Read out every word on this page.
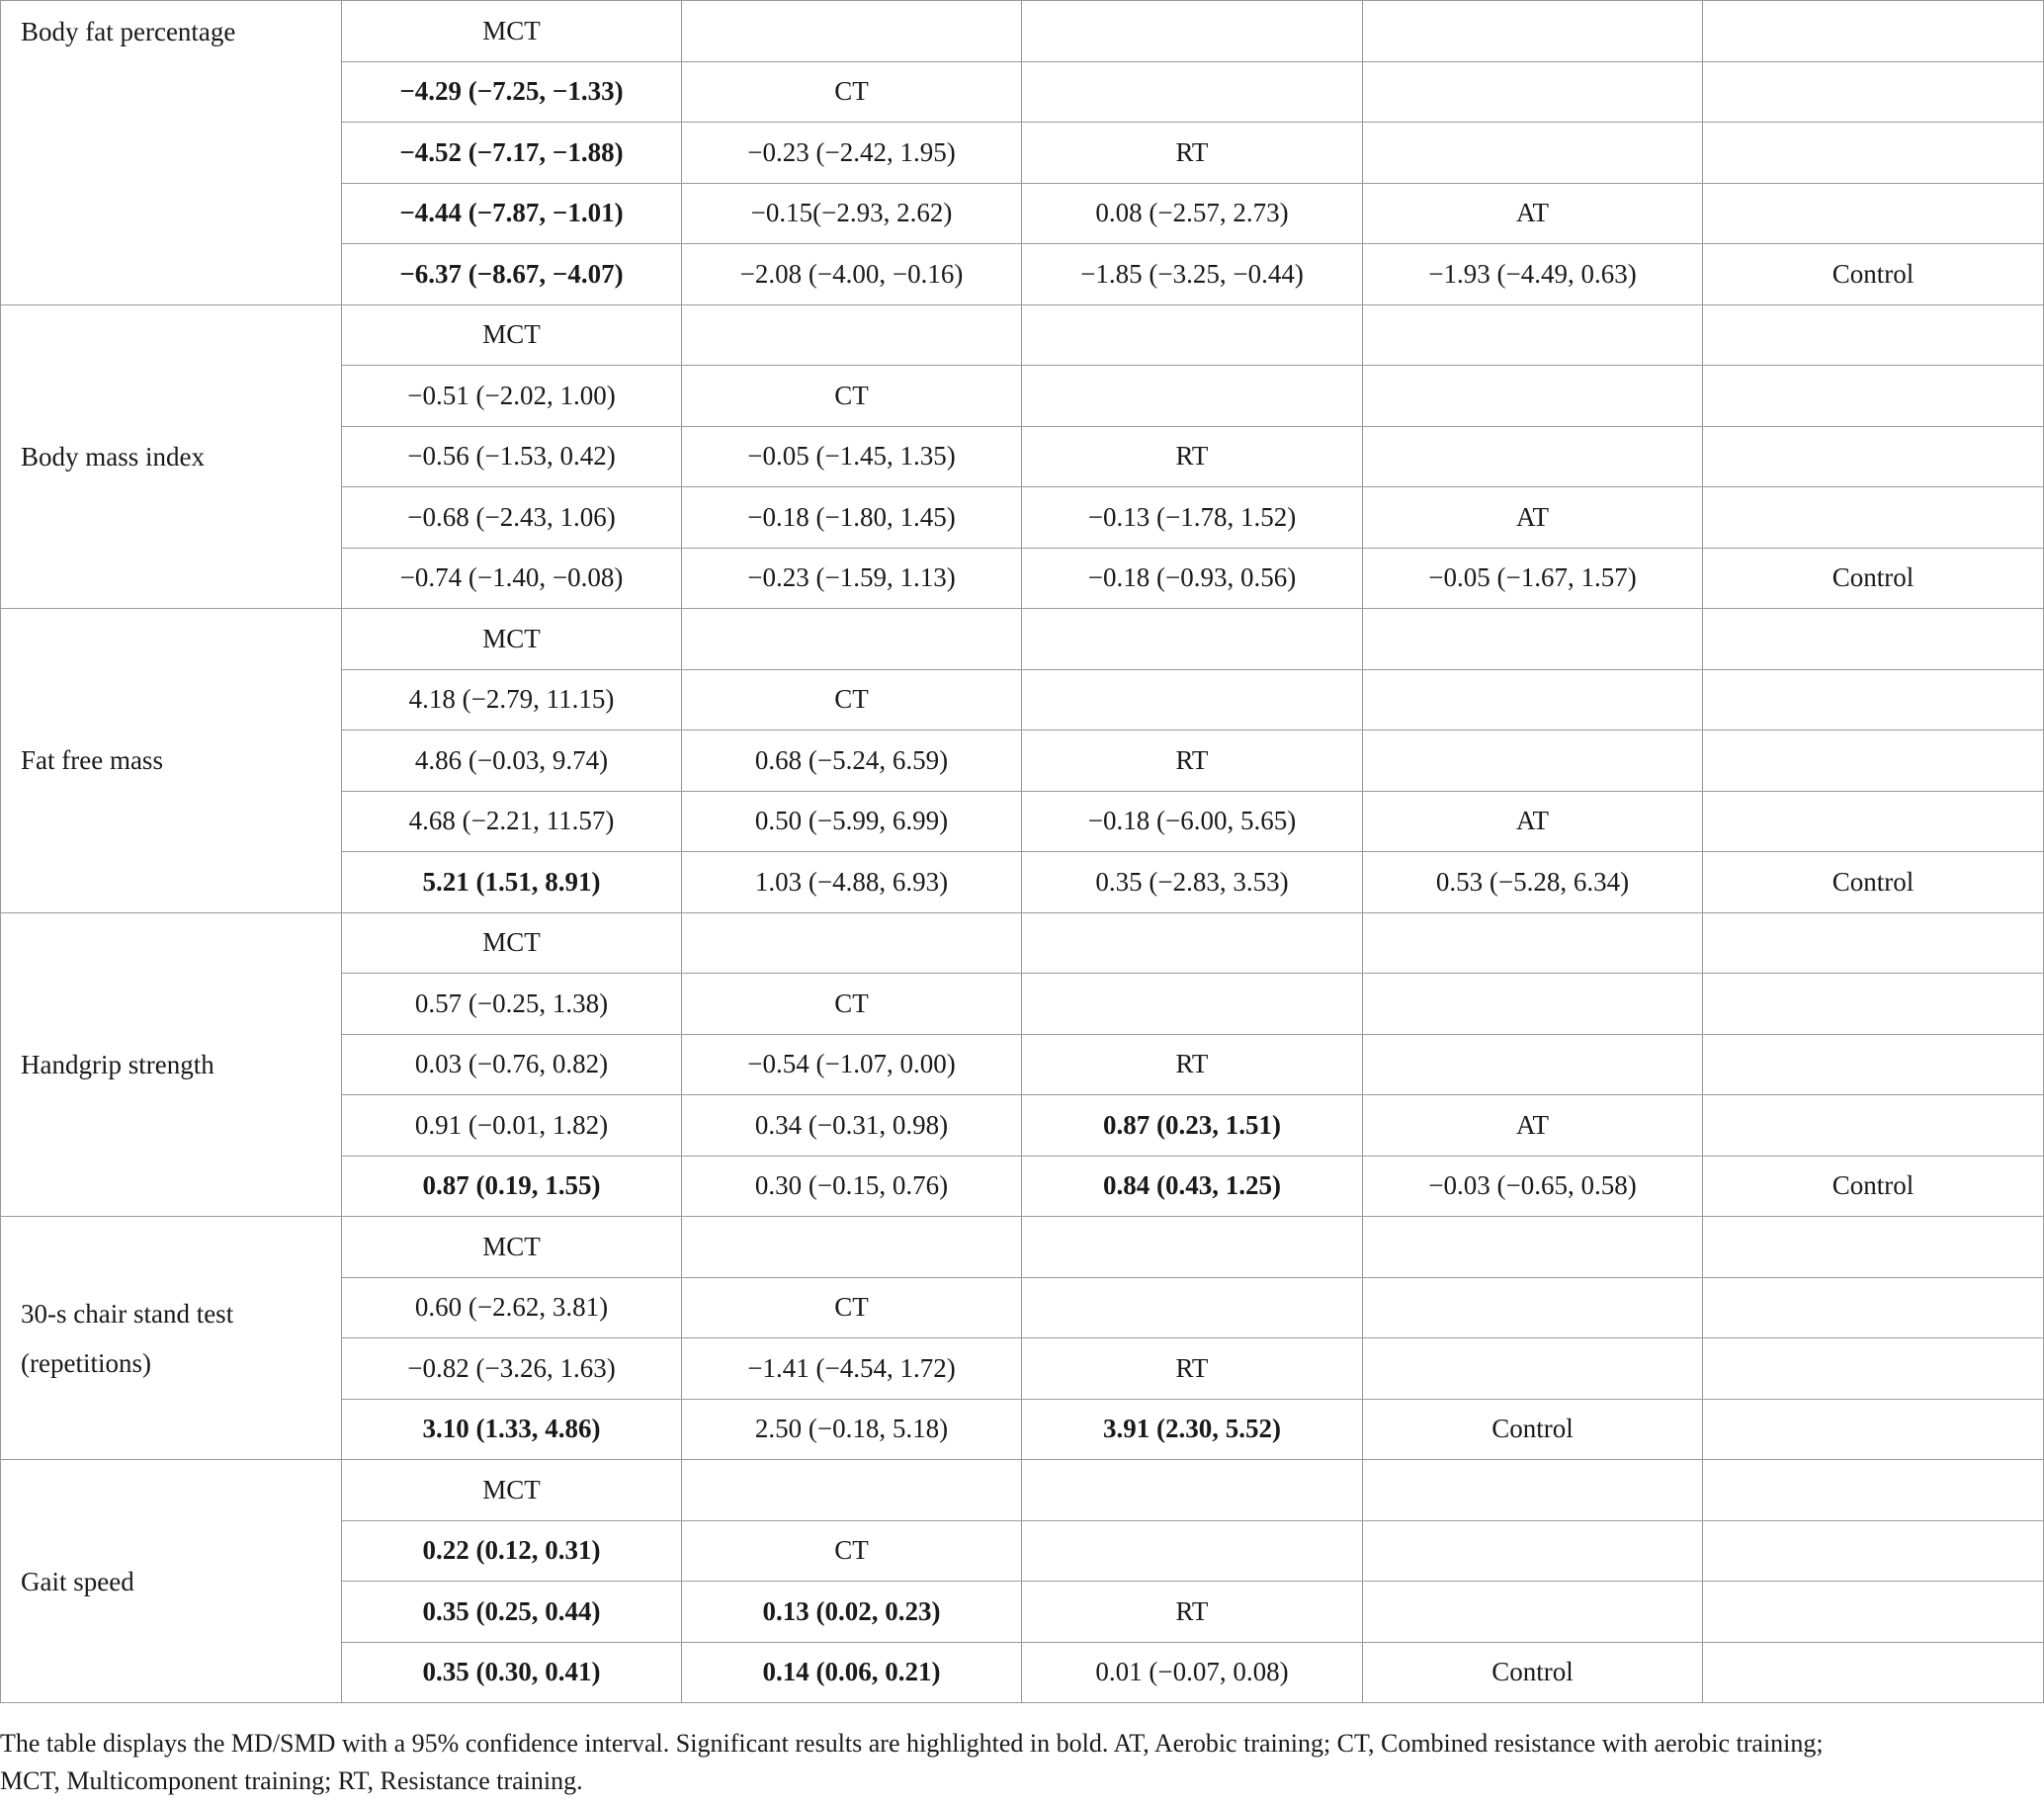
Body fat percentage	MCT				
	−4.29 (−7.25, −1.33)	CT			
	−4.52 (−7.17, −1.88)	−0.23 (−2.42, 1.95)	RT		
	−4.44 (−7.87, −1.01)	−0.15(−2.93, 2.62)	0.08 (−2.57, 2.73)	AT	
	−6.37 (−8.67, −4.07)	−2.08 (−4.00, −0.16)	−1.85 (−3.25, −0.44)	−1.93 (−4.49, 0.63)	Control
Body mass index	MCT				
	−0.51 (−2.02, 1.00)	CT			
	−0.56 (−1.53, 0.42)	−0.05 (−1.45, 1.35)	RT		
	−0.68 (−2.43, 1.06)	−0.18 (−1.80, 1.45)	−0.13 (−1.78, 1.52)	AT	
	−0.74 (−1.40, −0.08)	−0.23 (−1.59, 1.13)	−0.18 (−0.93, 0.56)	−0.05 (−1.67, 1.57)	Control
Fat free mass	MCT				
	4.18 (−2.79, 11.15)	CT			
	4.86 (−0.03, 9.74)	0.68 (−5.24, 6.59)	RT		
	4.68 (−2.21, 11.57)	0.50 (−5.99, 6.99)	−0.18 (−6.00, 5.65)	AT	
	5.21 (1.51, 8.91)	1.03 (−4.88, 6.93)	0.35 (−2.83, 3.53)	0.53 (−5.28, 6.34)	Control
Handgrip strength	MCT				
	0.57 (−0.25, 1.38)	CT			
	0.03 (−0.76, 0.82)	−0.54 (−1.07, 0.00)	RT		
	0.91 (−0.01, 1.82)	0.34 (−0.31, 0.98)	0.87 (0.23, 1.51)	AT	
	0.87 (0.19, 1.55)	0.30 (−0.15, 0.76)	0.84 (0.43, 1.25)	−0.03 (−0.65, 0.58)	Control
30-s chair stand test (repetitions)	MCT				
	0.60 (−2.62, 3.81)	CT			
	−0.82 (−3.26, 1.63)	−1.41 (−4.54, 1.72)	RT		
	3.10 (1.33, 4.86)	2.50 (−0.18, 5.18)	3.91 (2.30, 5.52)	Control	
Gait speed	MCT				
	0.22 (0.12, 0.31)	CT			
	0.35 (0.25, 0.44)	0.13 (0.02, 0.23)	RT		
	0.35 (0.30, 0.41)	0.14 (0.06, 0.21)	0.01 (−0.07, 0.08)	Control	
The table displays the MD/SMD with a 95% confidence interval. Significant results are highlighted in bold. AT, Aerobic training; CT, Combined resistance with aerobic training;
MCT, Multicomponent training; RT, Resistance training.
